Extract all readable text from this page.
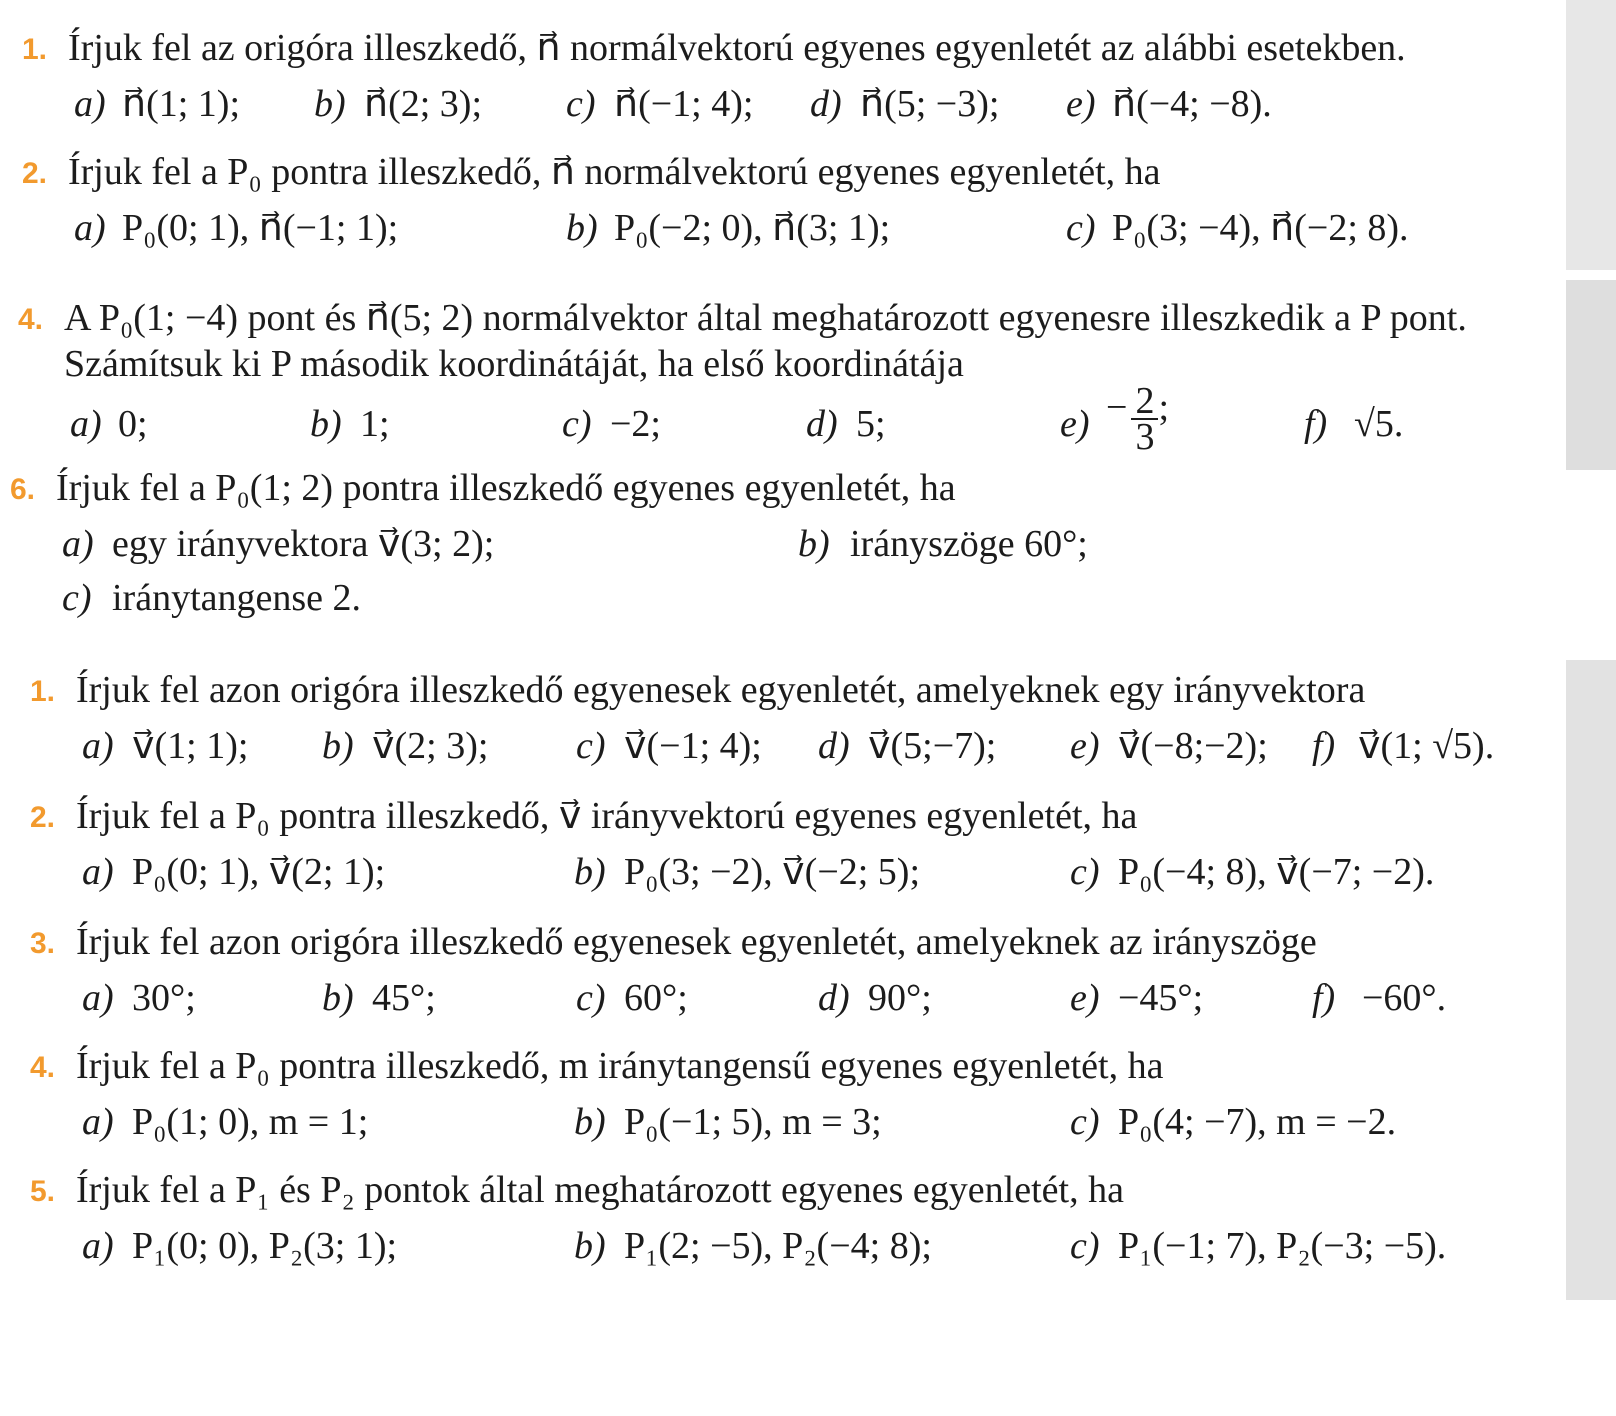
1. Írjuk fel az origóra illeszkedő, n⃗ normálvektorú egyenes egyenletét az alábbi esetekben.
a) n⃗(1; 1); b) n⃗(2; 3); c) n⃗(−1; 4); d) n⃗(5; −3); e) n⃗(−4; −8).
2. Írjuk fel a P₀ pontra illeszkedő, n⃗ normálvektorú egyenes egyenletét, ha
a) P₀(0; 1), n⃗(−1; 1);	b) P₀(−2; 0), n⃗(3; 1);	c) P₀(3; −4), n⃗(−2; 8).
4. A P₀(1; −4) pont és n⃗(5; 2) normálvektor által meghatározott egyenesre illeszkedik a P pont.
Számítsuk ki P második koordinátáját, ha első koordinátája
a) 0;	b) 1;	c) −2;	d) 5;	$e) - \frac{2}{3}$ ;	f) √5.
6. Írjuk fel a P₀(1; 2) pontra illeszkedő egyenes egyenletét, ha
a) egy irányvektora v⃗(3; 2);	b) irányszöge 60°;
c) iránytangense 2.
1. Írjuk fel azon origóra illeszkedő egyenesek egyenletét, amelyeknek egy irányvektora
a) v⃗(1; 1); b) v⃗(2; 3); c) v⃗(−1; 4); d) v⃗(5;−7); e) v⃗(−8;−2); f) v⃗(1; √5).
2. Írjuk fel a P₀ pontra illeszkedő, v⃗ irányvektorú egyenes egyenletét, ha
a) P₀(0; 1), v⃗(2; 1);	b) P₀(3; −2), v⃗(−2; 5);	c) P₀(−4; 8), v⃗(−7; −2).
3. Írjuk fel azon origóra illeszkedő egyenesek egyenletét, amelyeknek az irányszöge
a) 30°;	b) 45°;	c) 60°;	d) 90°;	e) −45°;	f) −60°.
4. Írjuk fel a P₀ pontra illeszkedő, m iránytangensű egyenes egyenletét, ha
a) P₀(1; 0), m = 1;	b) P₀(−1; 5), m = 3;	c) P₀(4; −7), m = −2.
5. Írjuk fel a P₁ és P₂ pontok által meghatározott egyenes egyenletét, ha
a) P₁(0; 0), P₂(3; 1);	b) P₁(2; −5), P₂(−4; 8);	c) P₁(−1; 7), P₂(−3; −5).
